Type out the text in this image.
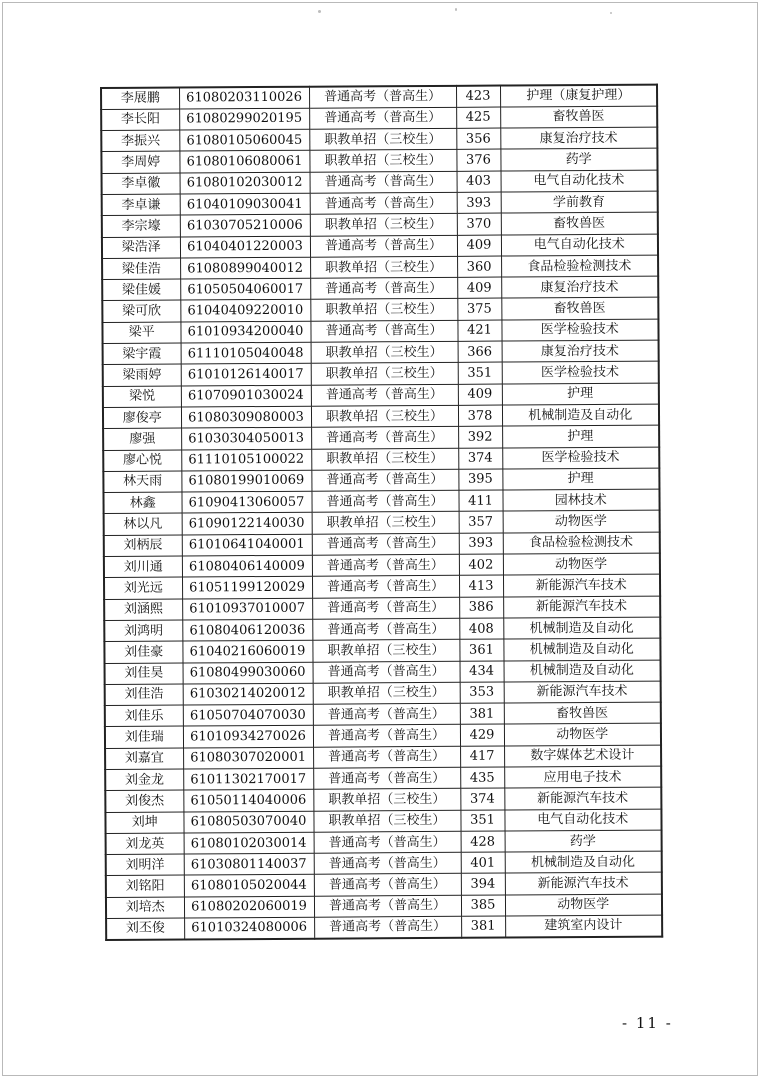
李展鹏	61080203110026	普通高考（普高生）	423	护理（康复护理）
李长阳	61080299020195	普通高考（普高生）	425	畜牧兽医
李振兴	61080105060045	职教单招（三校生）	356	康复治疗技术
李周婷	61080106080061	职教单招（三校生）	376	药学
李卓徽	61080102030012	普通高考（普高生）	403	电气自动化技术
李卓谦	61040109030041	普通高考（普高生）	393	学前教育
李宗壕	61030705210006	职教单招（三校生）	370	畜牧兽医
梁浩泽	61040401220003	普通高考（普高生）	409	电气自动化技术
梁佳浩	61080899040012	职教单招（三校生）	360	食品检验检测技术
梁佳媛	61050504060017	普通高考（普高生）	409	康复治疗技术
梁可欣	61040409220010	职教单招（三校生）	375	畜牧兽医
梁平	61010934200040	普通高考（普高生）	421	医学检验技术
梁宇霞	61110105040048	职教单招（三校生）	366	康复治疗技术
梁雨婷	61010126140017	职教单招（三校生）	351	医学检验技术
梁悦	61070901030024	普通高考（普高生）	409	护理
廖俊亭	61080309080003	职教单招（三校生）	378	机械制造及自动化
廖强	61030304050013	普通高考（普高生）	392	护理
廖心悦	61110105100022	职教单招（三校生）	374	医学检验技术
林天雨	61080199010069	普通高考（普高生）	395	护理
林鑫	61090413060057	普通高考（普高生）	411	园林技术
林以凡	61090122140030	职教单招（三校生）	357	动物医学
刘柄辰	61010641040001	普通高考（普高生）	393	食品检验检测技术
刘川通	61080406140009	普通高考（普高生）	402	动物医学
刘光远	61051199120029	普通高考（普高生）	413	新能源汽车技术
刘涵熙	61010937010007	普通高考（普高生）	386	新能源汽车技术
刘鸿明	61080406120036	普通高考（普高生）	408	机械制造及自动化
刘佳豪	61040216060019	职教单招（三校生）	361	机械制造及自动化
刘佳昊	61080499030060	普通高考（普高生）	434	机械制造及自动化
刘佳浩	61030214020012	职教单招（三校生）	353	新能源汽车技术
刘佳乐	61050704070030	普通高考（普高生）	381	畜牧兽医
刘佳瑞	61010934270026	普通高考（普高生）	429	动物医学
刘嘉宜	61080307020001	普通高考（普高生）	417	数字媒体艺术设计
刘金龙	61011302170017	普通高考（普高生）	435	应用电子技术
刘俊杰	61050114040006	职教单招（三校生）	374	新能源汽车技术
刘坤	61080503070040	职教单招（三校生）	351	电气自动化技术
刘龙英	61080102030014	普通高考（普高生）	428	药学
刘明洋	61030801140037	普通高考（普高生）	401	机械制造及自动化
刘铭阳	61080105020044	普通高考（普高生）	394	新能源汽车技术
刘培杰	61080202060019	普通高考（普高生）	385	动物医学
刘丕俊	61010324080006	普通高考（普高生）	381	建筑室内设计
- 11 -
